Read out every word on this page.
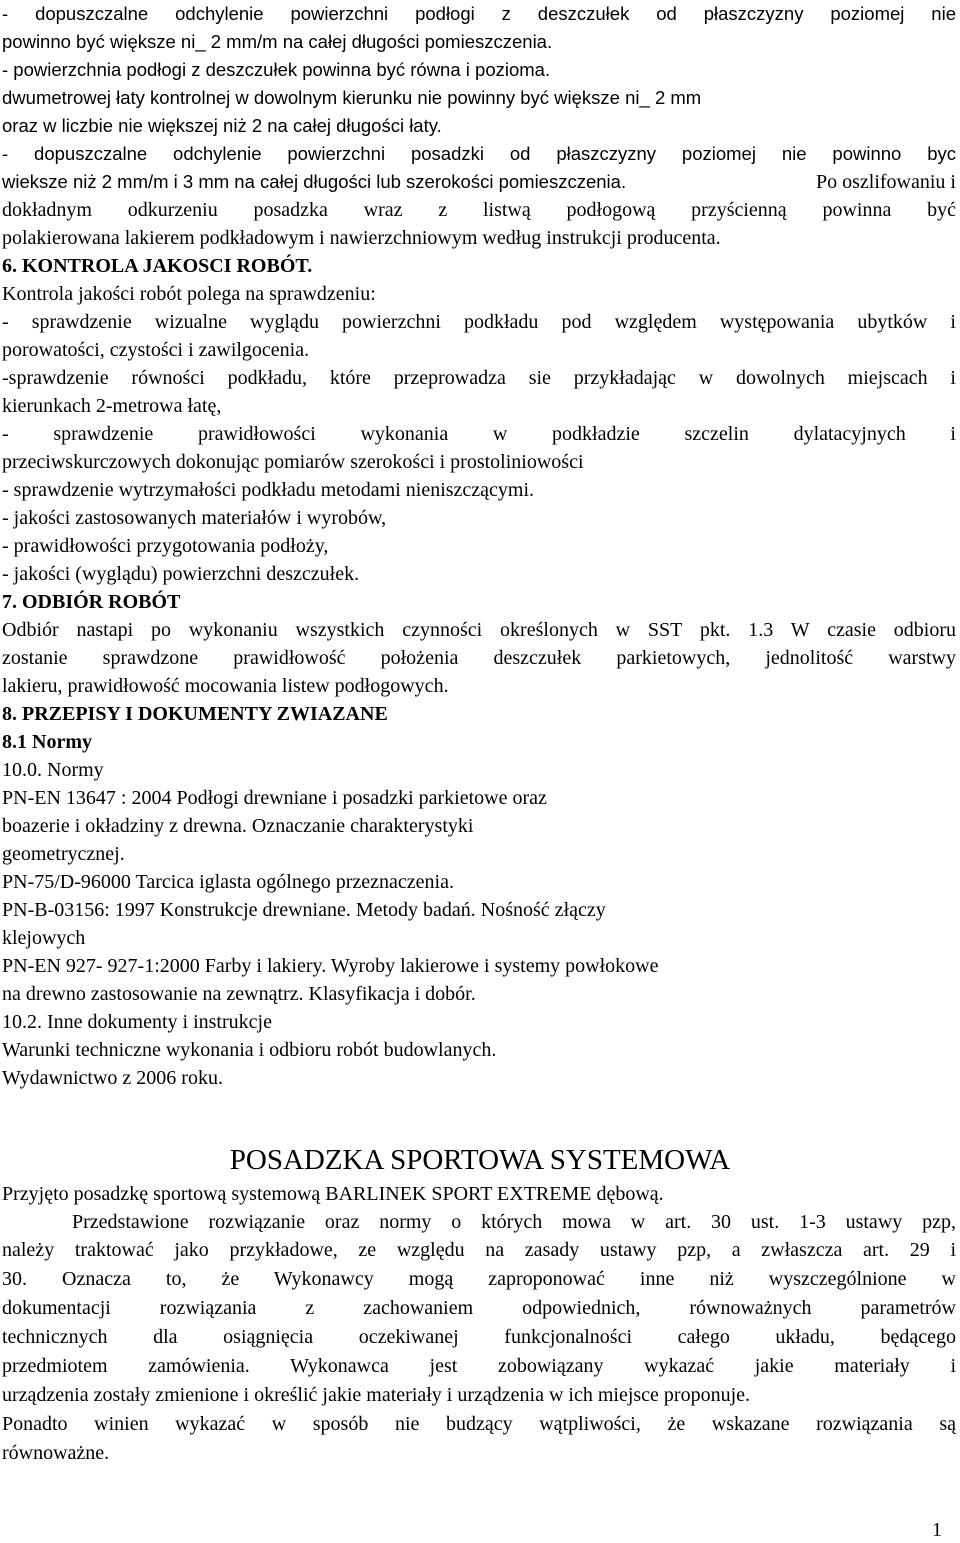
- dopuszczalne odchylenie powierzchni podłogi z deszczułek od płaszczyzny poziomej nie
powinno być większe ni_ 2 mm/m na całej długości pomieszczenia.
- powierzchnia podłogi z deszczułek powinna być równa i pozioma.
dwumetrowej łaty kontrolnej w dowolnym kierunku nie powinny być większe ni_ 2 mm
oraz w liczbie nie większej niż 2 na całej długości łaty.
- dopuszczalne odchylenie powierzchni posadzki od płaszczyzny poziomej nie powinno byc
wieksze niż 2 mm/m i 3 mm na całej długości lub szerokości pomieszczenia.	Po oszlifowaniu i
dokładnym odkurzeniu posadzka wraz z listwą podłogową przyścienną powinna być
polakierowana lakierem podkładowym i nawierzchniowym według instrukcji producenta.
6. KONTROLA JAKOSCI ROBÓT.
Kontrola jakości robót polega na sprawdzeniu:
- sprawdzenie wizualne wyglądu powierzchni podkładu pod względem występowania ubytków i
porowatości, czystości i zawilgocenia.
-sprawdzenie równości podkładu, które przeprowadza sie przykładając w dowolnych miejscach i
kierunkach 2-metrowa łatę,
- sprawdzenie prawidłowości wykonania w podkładzie szczelin dylatacyjnych i
przeciwskurczowych dokonując pomiarów szerokości i prostoliniowości
- sprawdzenie wytrzymałości podkładu metodami nieniszczącymi.
- jakości zastosowanych materiałów i wyrobów,
- prawidłowości przygotowania podłoży,
- jakości (wyglądu) powierzchni deszczułek.
7. ODBIÓR ROBÓT
Odbiór nastapi po wykonaniu wszystkich czynności określonych w SST pkt. 1.3 W czasie odbioru
zostanie sprawdzone prawidłowość położenia deszczułek parkietowych, jednolitość warstwy
lakieru, prawidłowość mocowania listew podłogowych.
8. PRZEPISY I DOKUMENTY ZWIAZANE
8.1 Normy
10.0. Normy
PN-EN 13647 : 2004 Podłogi drewniane i posadzki parkietowe oraz
boazerie i okładziny z drewna. Oznaczanie charakterystyki
geometrycznej.
PN-75/D-96000 Tarcica iglasta ogólnego przeznaczenia.
PN-B-03156: 1997 Konstrukcje drewniane. Metody badań. Nośność złączy
klejowych
PN-EN 927- 927-1:2000 Farby i lakiery. Wyroby lakierowe i systemy powłokowe
na drewno zastosowanie na zewnątrz. Klasyfikacja i dobór.
10.2. Inne dokumenty i instrukcje
Warunki techniczne wykonania i odbioru robót budowlanych.
Wydawnictwo z 2006 roku.
POSADZKA SPORTOWA SYSTEMOWA
Przyjęto posadzkę sportową systemową BARLINEK SPORT EXTREME dębową.
Przedstawione rozwiązanie oraz normy o których mowa w art. 30 ust. 1-3 ustawy pzp,
należy traktować jako przykładowe, ze względu na zasady ustawy pzp, a zwłaszcza art. 29 i
30. Oznacza to, że Wykonawcy mogą zaproponować inne niż wyszczególnione w
dokumentacji rozwiązania z zachowaniem odpowiednich, równoważnych parametrów
technicznych dla osiągnięcia oczekiwanej funkcjonalności całego układu, będącego
przedmiotem zamówienia. Wykonawca jest zobowiązany wykazać jakie materiały i
urządzenia zostały zmienione i określić jakie materiały i urządzenia w ich miejsce proponuje.
Ponadto winien wykazać w sposób nie budzący wątpliwości, że wskazane rozwiązania są
równoważne.
1
